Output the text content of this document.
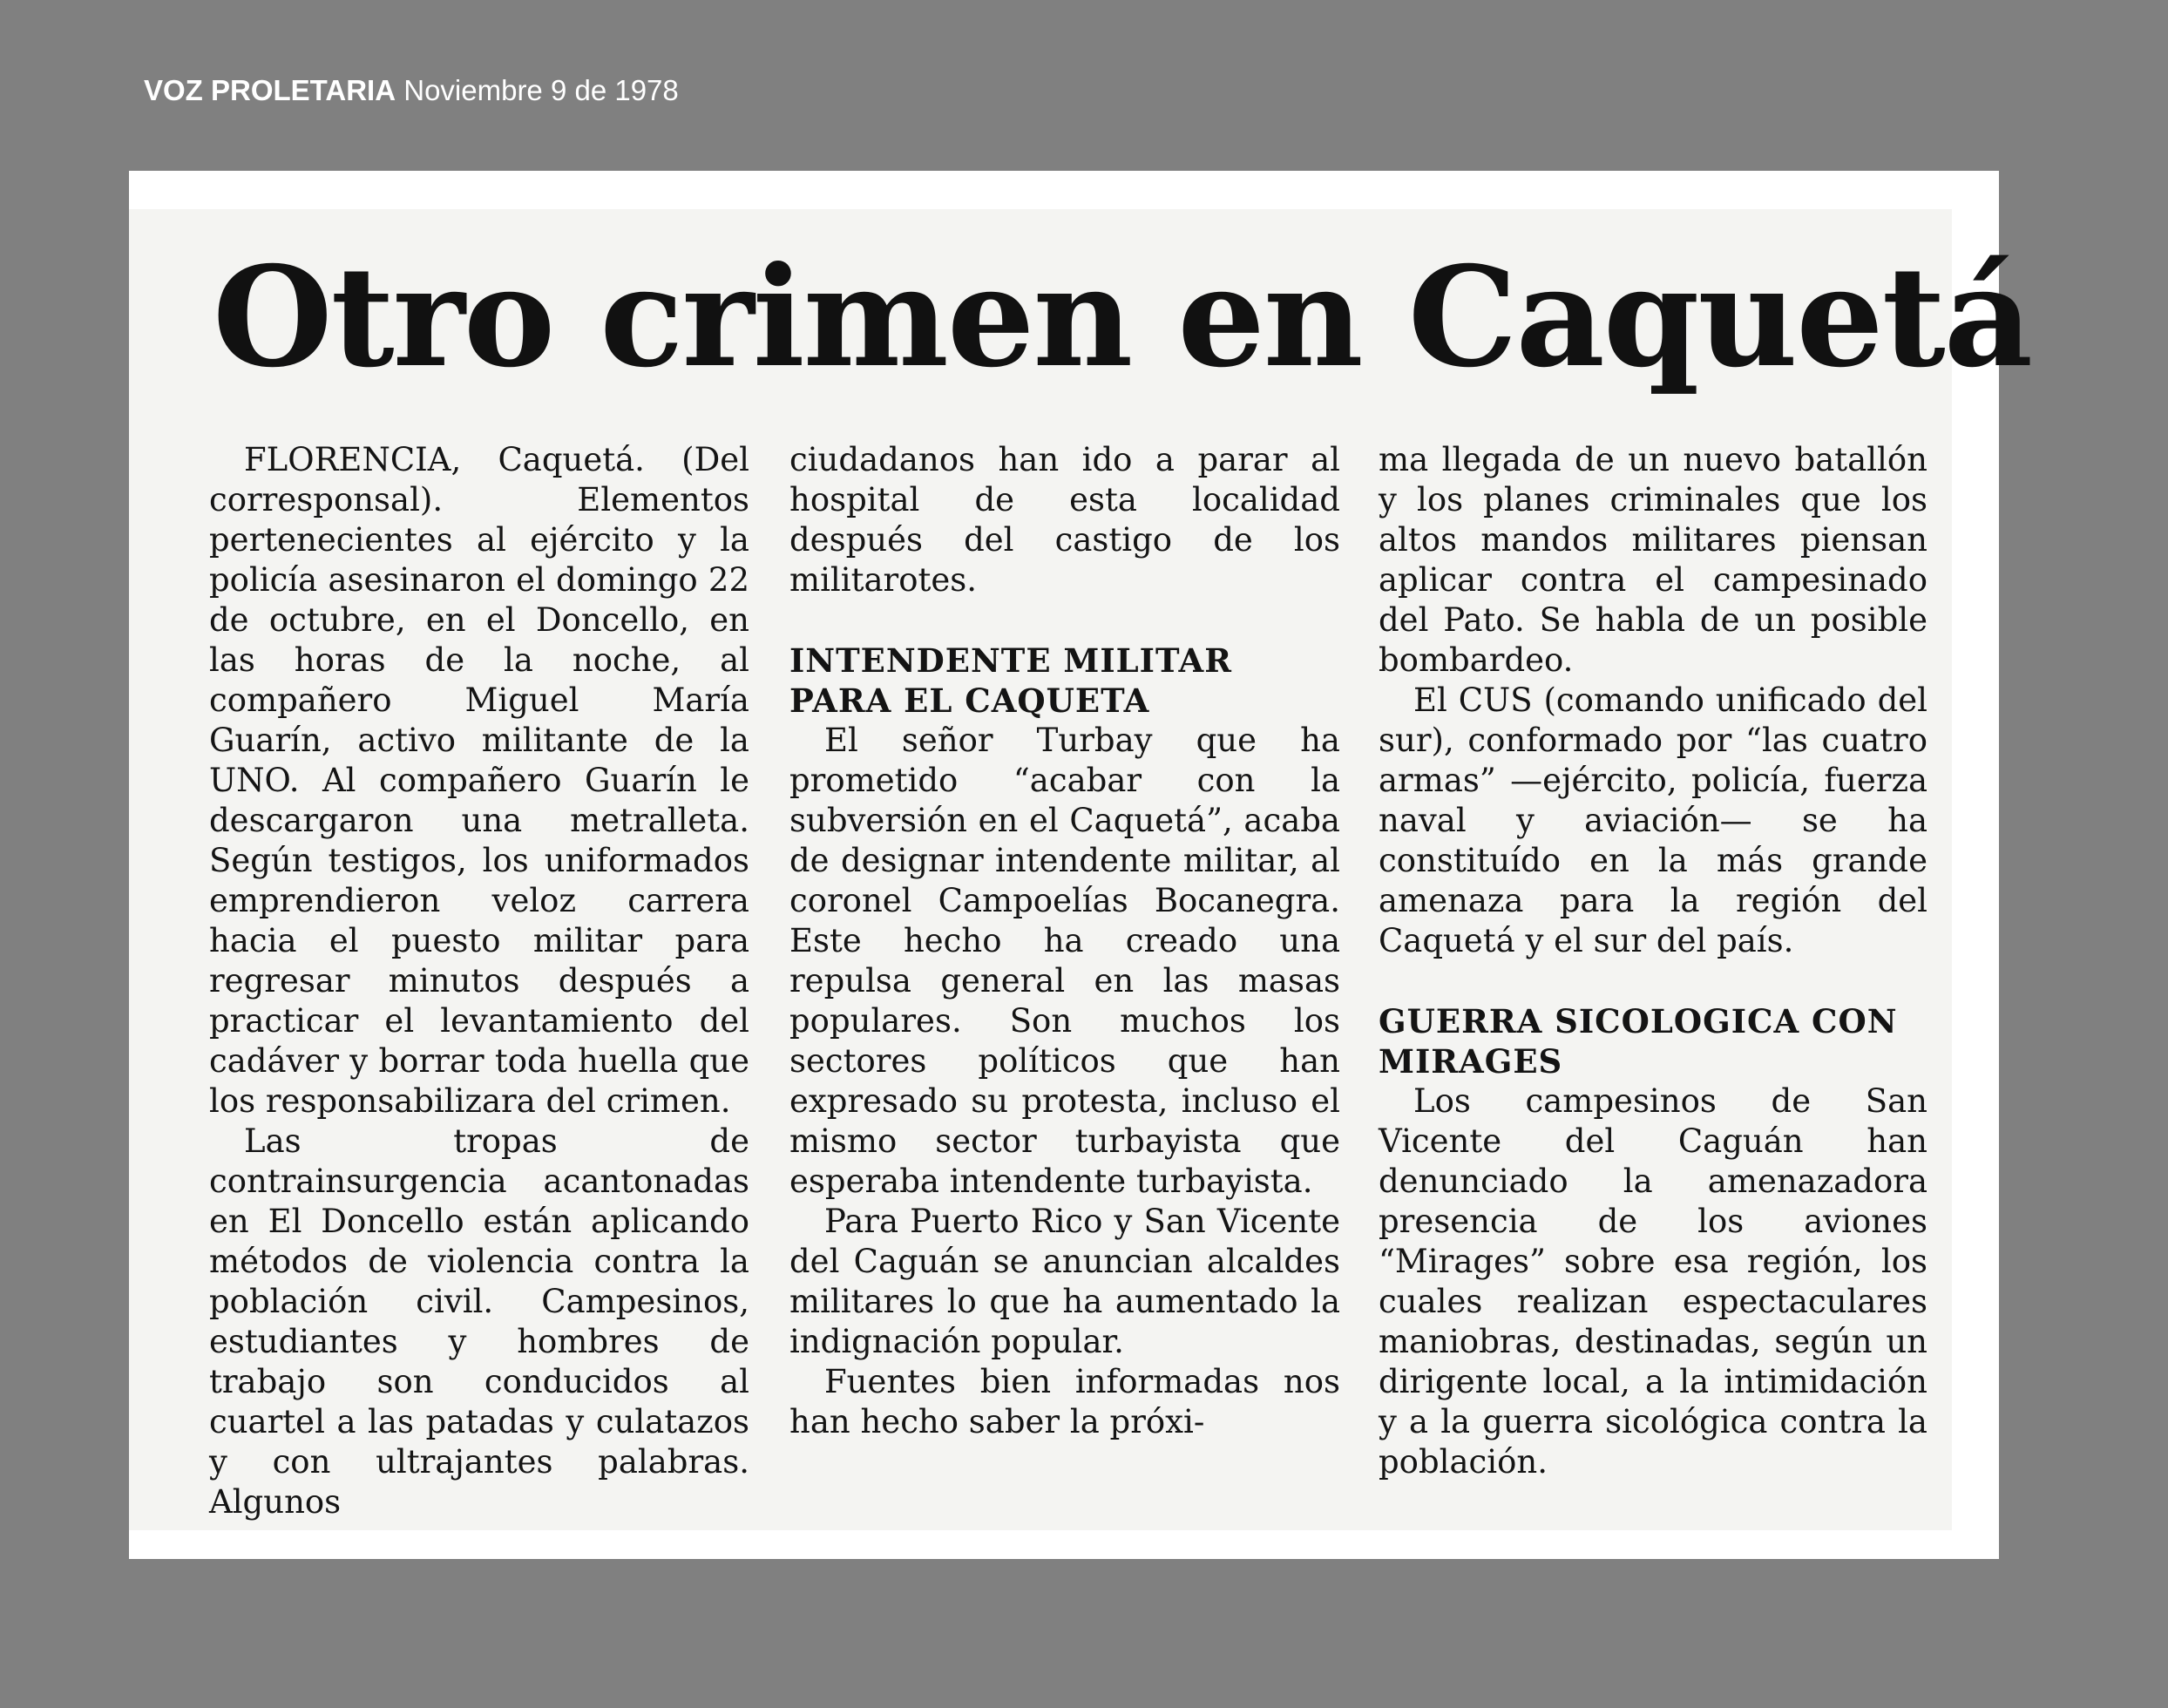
VOZ PROLETARIA Noviembre 9 de 1978
Otro crimen en Caquetá

FLORENCIA, Caquetá. (Del corresponsal). Elementos pertenecientes al ejército y la policía asesinaron el domingo 22 de octubre, en el Doncello, en las horas de la noche, al compañero Miguel María Guarín, activo militante de la UNO. Al compañero Guarín le descargaron una metralleta. Según testigos, los uniformados emprendieron veloz carrera hacia el puesto militar para regresar minutos después a practicar el levantamiento del cadáver y borrar toda huella que los responsabilizara del crimen.

Las tropas de contrainsurgencia acantonadas en El Doncello están aplicando métodos de violencia contra la población civil. Campesinos, estudiantes y hombres de trabajo son conducidos al cuartel a las patadas y culatazos y con ultrajantes palabras. Algunos

ciudadanos han ido a parar al hospital de esta localidad después del castigo de los militarotes.

INTENDENTE MILITAR PARA EL CAQUETA

El señor Turbay que ha prometido “acabar con la subversión en el Caquetá”, acaba de designar intendente militar, al coronel Campoelías Bocanegra. Este hecho ha creado una repulsa general en las masas populares. Son muchos los sectores políticos que han expresado su protesta, incluso el mismo sector turbayista que esperaba intendente turbayista.

Para Puerto Rico y San Vicente del Caguán se anuncian alcaldes militares lo que ha aumentado la indignación popular.

Fuentes bien informadas nos han hecho saber la próxi-

ma llegada de un nuevo batallón y los planes criminales que los altos mandos militares piensan aplicar contra el campesinado del Pato. Se habla de un posible bombardeo.

El CUS (comando unificado del sur), conformado por “las cuatro armas” —ejército, policía, fuerza naval y aviación— se ha constituído en la más grande amenaza para la región del Caquetá y el sur del país.

GUERRA SICOLOGICA CON MIRAGES

Los campesinos de San Vicente del Caguán han denunciado la amenazadora presencia de los aviones “Mirages” sobre esa región, los cuales realizan espectaculares maniobras, destinadas, según un dirigente local, a la intimidación y a la guerra sicológica contra la población.
